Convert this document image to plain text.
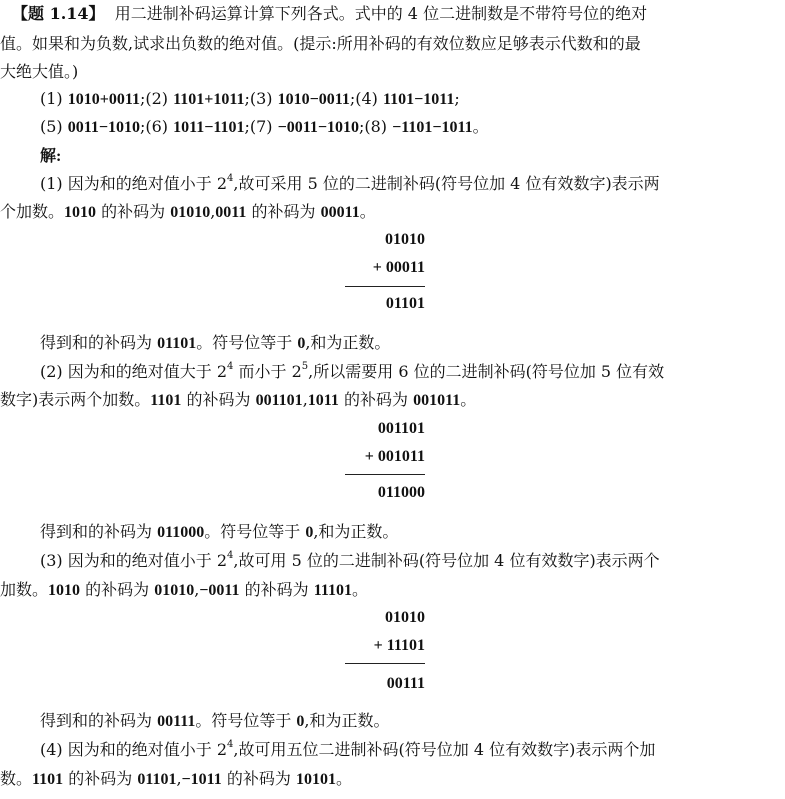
【题 1.14】 用二进制补码运算计算下列各式。式中的 4 位二进制数是不带符号位的绝对
值。如果和为负数,试求出负数的绝对值。(提示:所用补码的有效位数应足够表示代数和的最
大绝大值。)
(1) 1010+0011;(2) 1101+1011;(3) 1010−0011;(4) 1101−1011;
(5) 0011−1010;(6) 1011−1101;(7) −0011−1010;(8) −1101−1011。
解:
(1) 因为和的绝对值小于 $2^4$,故可采用 5 位的二进制补码(符号位加 4 位有效数字)表示两
个加数。1010 的补码为 01010,0011 的补码为 00011。
01010
+ 00011
01101
得到和的补码为 01101。符号位等于 0,和为正数。
(2) 因为和的绝对值大于 $2^4$ 而小于 $2^5$,所以需要用 6 位的二进制补码(符号位加 5 位有效
数字)表示两个加数。1101 的补码为 001101,1011 的补码为 001011。
001101
+ 001011
011000
得到和的补码为 011000。符号位等于 0,和为正数。
(3) 因为和的绝对值小于 $2^4$,故可用 5 位的二进制补码(符号位加 4 位有效数字)表示两个
加数。1010 的补码为 01010,−0011 的补码为 11101。
01010
+ 11101
00111
得到和的补码为 00111。符号位等于 0,和为正数。
(4) 因为和的绝对值小于 $2^4$,故可用五位二进制补码(符号位加 4 位有效数字)表示两个加
数。1101 的补码为 01101,−1011 的补码为 10101。
